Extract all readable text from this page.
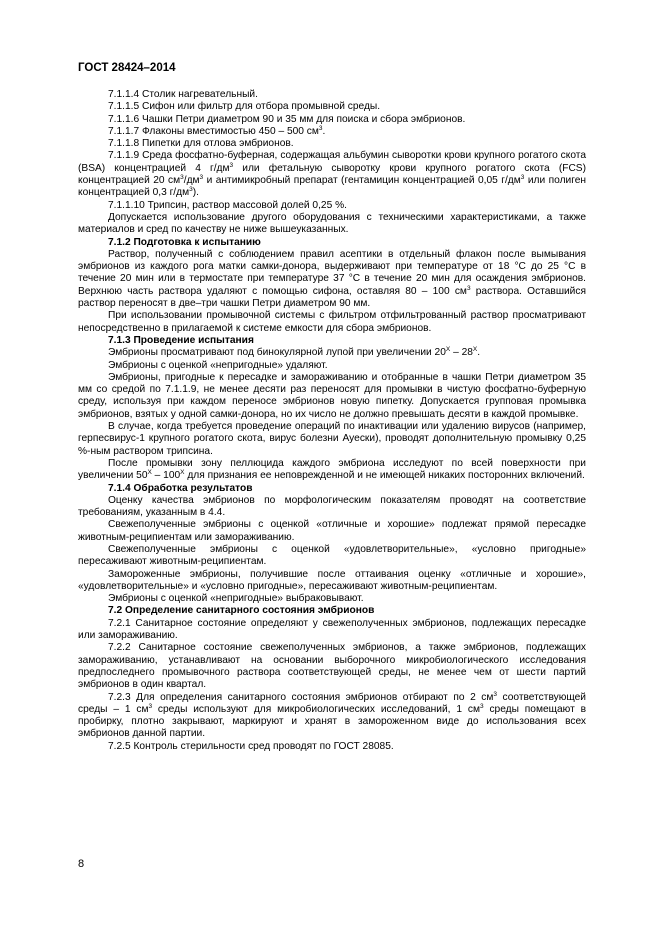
ГОСТ 28424–2014

7.1.1.4 Столик нагревательный.

7.1.1.5 Сифон или фильтр для отбора промывной среды.

7.1.1.6 Чашки Петри диаметром 90 и 35 мм для поиска и сбора эмбрионов.

7.1.1.7 Флаконы вместимостью 450 – 500 $см^3$.

7.1.1.8 Пипетки для отлова эмбрионов.

7.1.1.9 Среда фосфатно-буферная, содержащая альбумин сыворотки крови крупного рогатого скота (BSA) концентрацией 4 $г/дм^3$ или фетальную сыворотку крови крупного рогатого скота (FCS) концентрацией 20 $см^3/дм^3$ и антимикробный препарат (гентамицин концентрацией 0,05 $г/дм^3$ или полиген концентрацией 0,3 $г/дм^3$).

7.1.1.10 Трипсин, раствор массовой долей 0,25 %.

Допускается использование другого оборудования с техническими характеристиками, а также материалов и сред по качеству не ниже вышеуказанных.

7.1.2 Подготовка к испытанию

Раствор, полученный с соблюдением правил асептики в отдельный флакон после вымывания эмбрионов из каждого рога матки самки-донора, выдерживают при температуре от 18 °С до 25 °С в течение 20 мин или в термостате при температуре 37 °С в течение 20 мин для осаждения эмбрионов. Верхнюю часть раствора удаляют с помощью сифона, оставляя 80 – 100 $см^3$ раствора. Оставшийся раствор переносят в две–три чашки Петри диаметром 90 мм.

При использовании промывочной системы с фильтром отфильтрованный раствор просматривают непосредственно в прилагаемой к системе емкости для сбора эмбрионов.

7.1.3 Проведение испытания

Эмбрионы просматривают под бинокулярной лупой при увеличении $20^X - 28^X$.

Эмбрионы с оценкой «непригодные» удаляют.

Эмбрионы, пригодные к пересадке и замораживанию и отобранные в чашки Петри диаметром 35 мм со средой по 7.1.1.9, не менее десяти раз переносят для промывки в чистую фосфатно-буферную среду, используя при каждом переносе эмбрионов новую пипетку. Допускается групповая промывка эмбрионов, взятых у одной самки-донора, но их число не должно превышать десяти в каждой промывке.

В случае, когда требуется проведение операций по инактивации или удалению вирусов (например, герпесвирус-1 крупного рогатого скота, вирус болезни Ауески), проводят дополнительную промывку 0,25 %-ным раствором трипсина.

После промывки зону пеллюцида каждого эмбриона исследуют по всей поверхности при увеличении $50^X - 100^X$ для признания ее неповрежденной и не имеющей никаких посторонних включений.

7.1.4 Обработка результатов

Оценку качества эмбрионов по морфологическим показателям проводят на соответствие требованиям, указанным в 4.4.

Свежеполученные эмбрионы с оценкой «отличные и хорошие» подлежат прямой пересадке животным-реципиентам или замораживанию.

Свежеполученные эмбрионы с оценкой «удовлетворительные», «условно пригодные» пересаживают животным-реципиентам.

Замороженные эмбрионы, получившие после оттаивания оценку «отличные и хорошие», «удовлетворительные» и «условно пригодные», пересаживают животным-реципиентам.

Эмбрионы с оценкой «непригодные» выбраковывают.

7.2 Определение санитарного состояния эмбрионов

7.2.1 Санитарное состояние определяют у свежеполученных эмбрионов, подлежащих пересадке или замораживанию.

7.2.2 Санитарное состояние свежеполученных эмбрионов, а также эмбрионов, подлежащих замораживанию, устанавливают на основании выборочного микробиологического исследования предпоследнего промывочного раствора соответствующей среды, не менее чем от шести партий эмбрионов в один квартал.

7.2.3 Для определения санитарного состояния эмбрионов отбирают по 2 $см^3$ соответствующей среды – 1 $см^3$ среды используют для микробиологических исследований, 1 $см^3$ среды помещают в пробирку, плотно закрывают, маркируют и хранят в замороженном виде до использования всех эмбрионов данной партии.

7.2.5 Контроль стерильности сред проводят по ГОСТ 28085.

8
